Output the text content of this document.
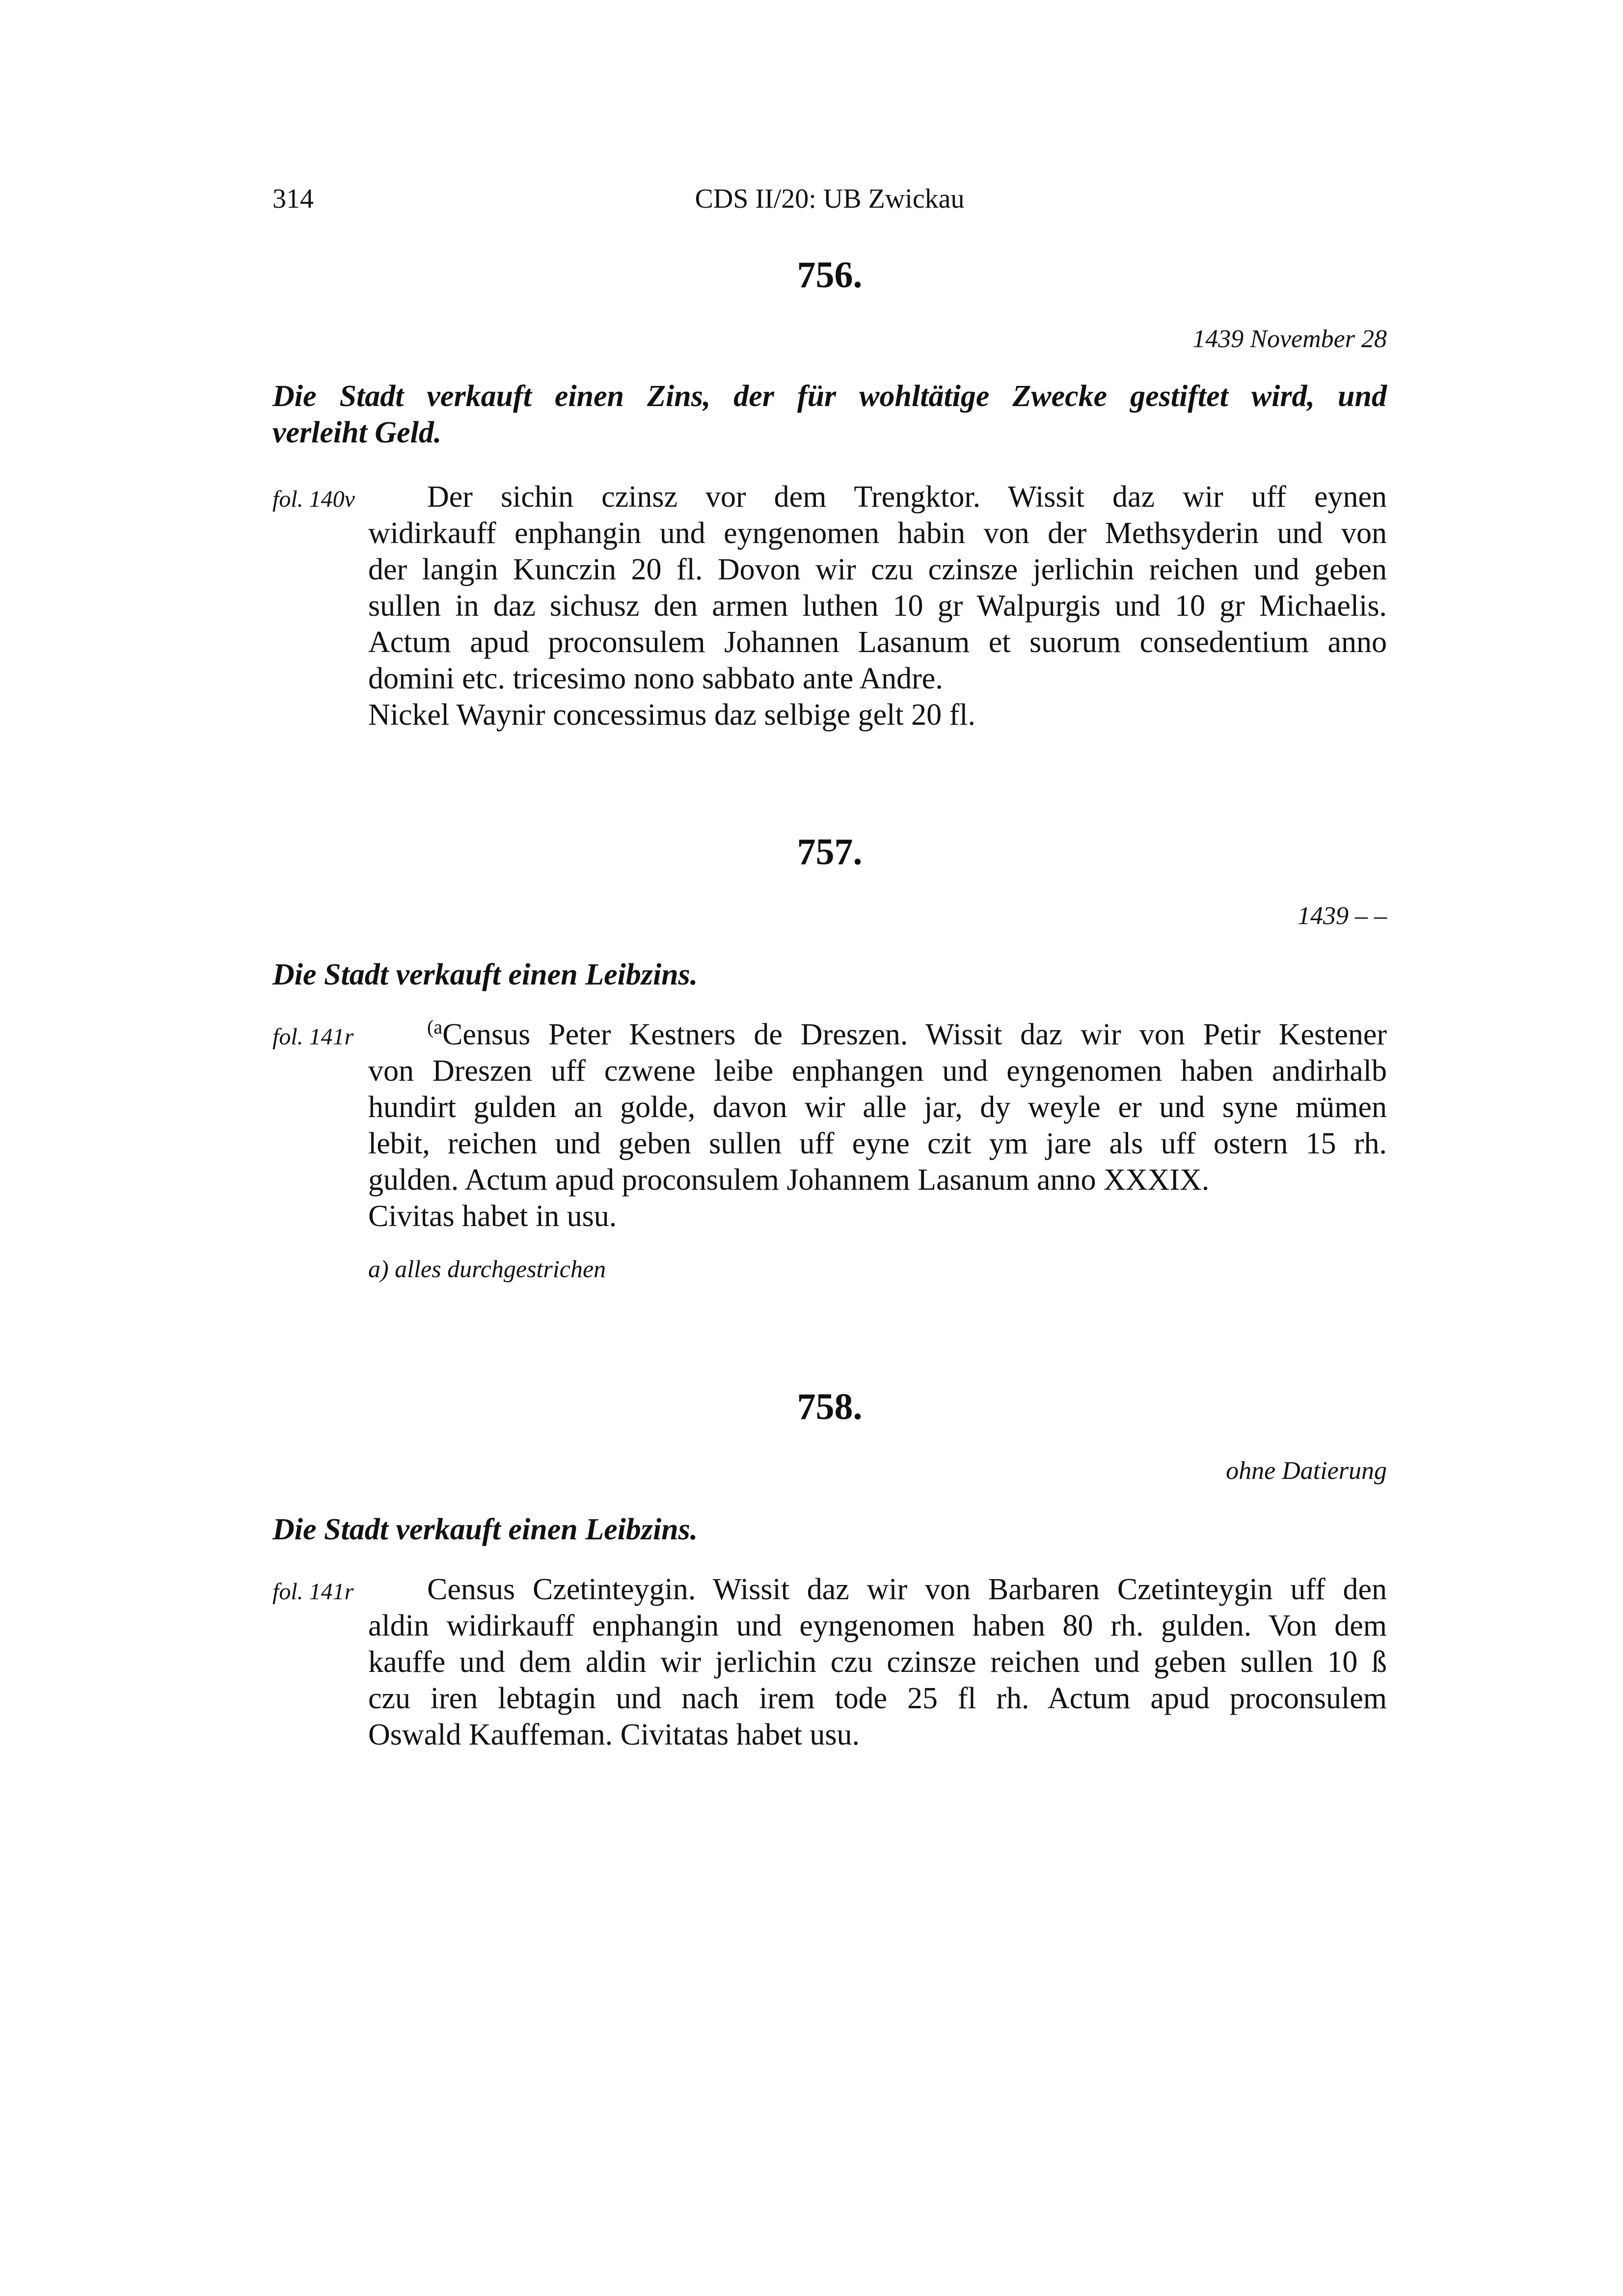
314	CDS II/20: UB Zwickau
756.
1439 November 28
Die Stadt verkauft einen Zins, der für wohltätige Zwecke gestiftet wird, und
verleiht Geld.
fol. 140v	Der sichin czinsz vor dem Trengktor. Wissit daz wir uff eynen
widirkauff enphangin und eyngenomen habin von der Methsyderin und von
der langin Kunczin 20 fl. Dovon wir czu czinsze jerlichin reichen und geben
sullen in daz sichusz den armen luthen 10 gr Walpurgis und 10 gr Michaelis.
Actum apud proconsulem Johannen Lasanum et suorum consedentium anno
domini etc. tricesimo nono sabbato ante Andre.
Nickel Waynir concessimus daz selbige gelt 20 fl.
757.
1439 – –
Die Stadt verkauft einen Leibzins.
fol. 141r	$^{(a}$Census Peter Kestners de Dreszen. Wissit daz wir von Petir Kestener
von Dreszen uff czwene leibe enphangen und eyngenomen haben andirhalb
hundirt gulden an golde, davon wir alle jar, dy weyle er und syne mümen
lebit, reichen und geben sullen uff eyne czit ym jare als uff ostern 15 rh.
gulden. Actum apud proconsulem Johannem Lasanum anno XXXIX.
Civitas habet in usu.
a) alles durchgestrichen
758.
ohne Datierung
Die Stadt verkauft einen Leibzins.
fol. 141r	Census Czetinteygin. Wissit daz wir von Barbaren Czetinteygin uff den
aldin widirkauff enphangin und eyngenomen haben 80 rh. gulden. Von dem
kauffe und dem aldin wir jerlichin czu czinsze reichen und geben sullen 10 ß
czu iren lebtagin und nach irem tode 25 fl rh. Actum apud proconsulem
Oswald Kauffeman. Civitatas habet usu.
